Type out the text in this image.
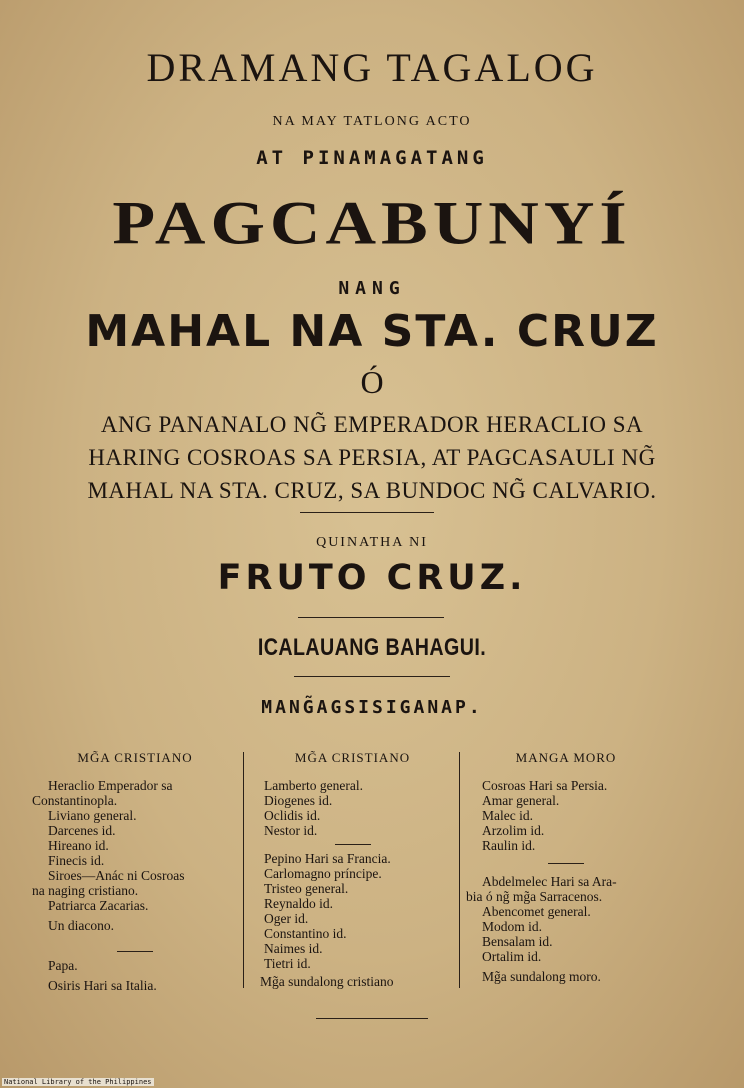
DRAMANG TAGALOG
NA MAY TATLONG ACTO
AT PINAMAGATANG
PAGCABUNYÍ
NANG
MAHAL NA STA. CRUZ
Ó
ANG PANANALO NG̃ EMPERADOR HERACLIO SA
HARING COSROAS SA PERSIA, AT PAGCASAULI NG̃
MAHAL NA STA. CRUZ, SA BUNDOC NG̃ CALVARIO.
QUINATHA NI
FRUTO CRUZ.
ICALAUANG BAHAGUI.
MANG̃AGSISIGANAP.
MG̃A CRISTIANO
Heraclio Emperador sa
Constantinopla.
Liviano general.
Darcenes id.
Hireano id.
Finecis id.
Siroes—Anác ni Cosroas
na naging cristiano.
Patriarca Zacarias.
Un diacono.
Papa.
Osiris Hari sa Italia.
MG̃A CRISTIANO
Lamberto general.
Diogenes id.
Oclidis id.
Nestor id.
Pepino Hari sa Francia.
Carlomagno príncipe.
Tristeo general.
Reynaldo id.
Oger id.
Constantino id.
Naimes id.
Tietri id.
Mg̃a sundalong cristiano
MANGA MORO
Cosroas Hari sa Persia.
Amar general.
Malec id.
Arzolim id.
Raulin id.
Abdelmelec Hari sa Ara-
bia ó ng̃ mg̃a Sarracenos.
Abencomet general.
Modom id.
Bensalam id.
Ortalim id.
Mg̃a sundalong moro.
National Library of the Philippines
